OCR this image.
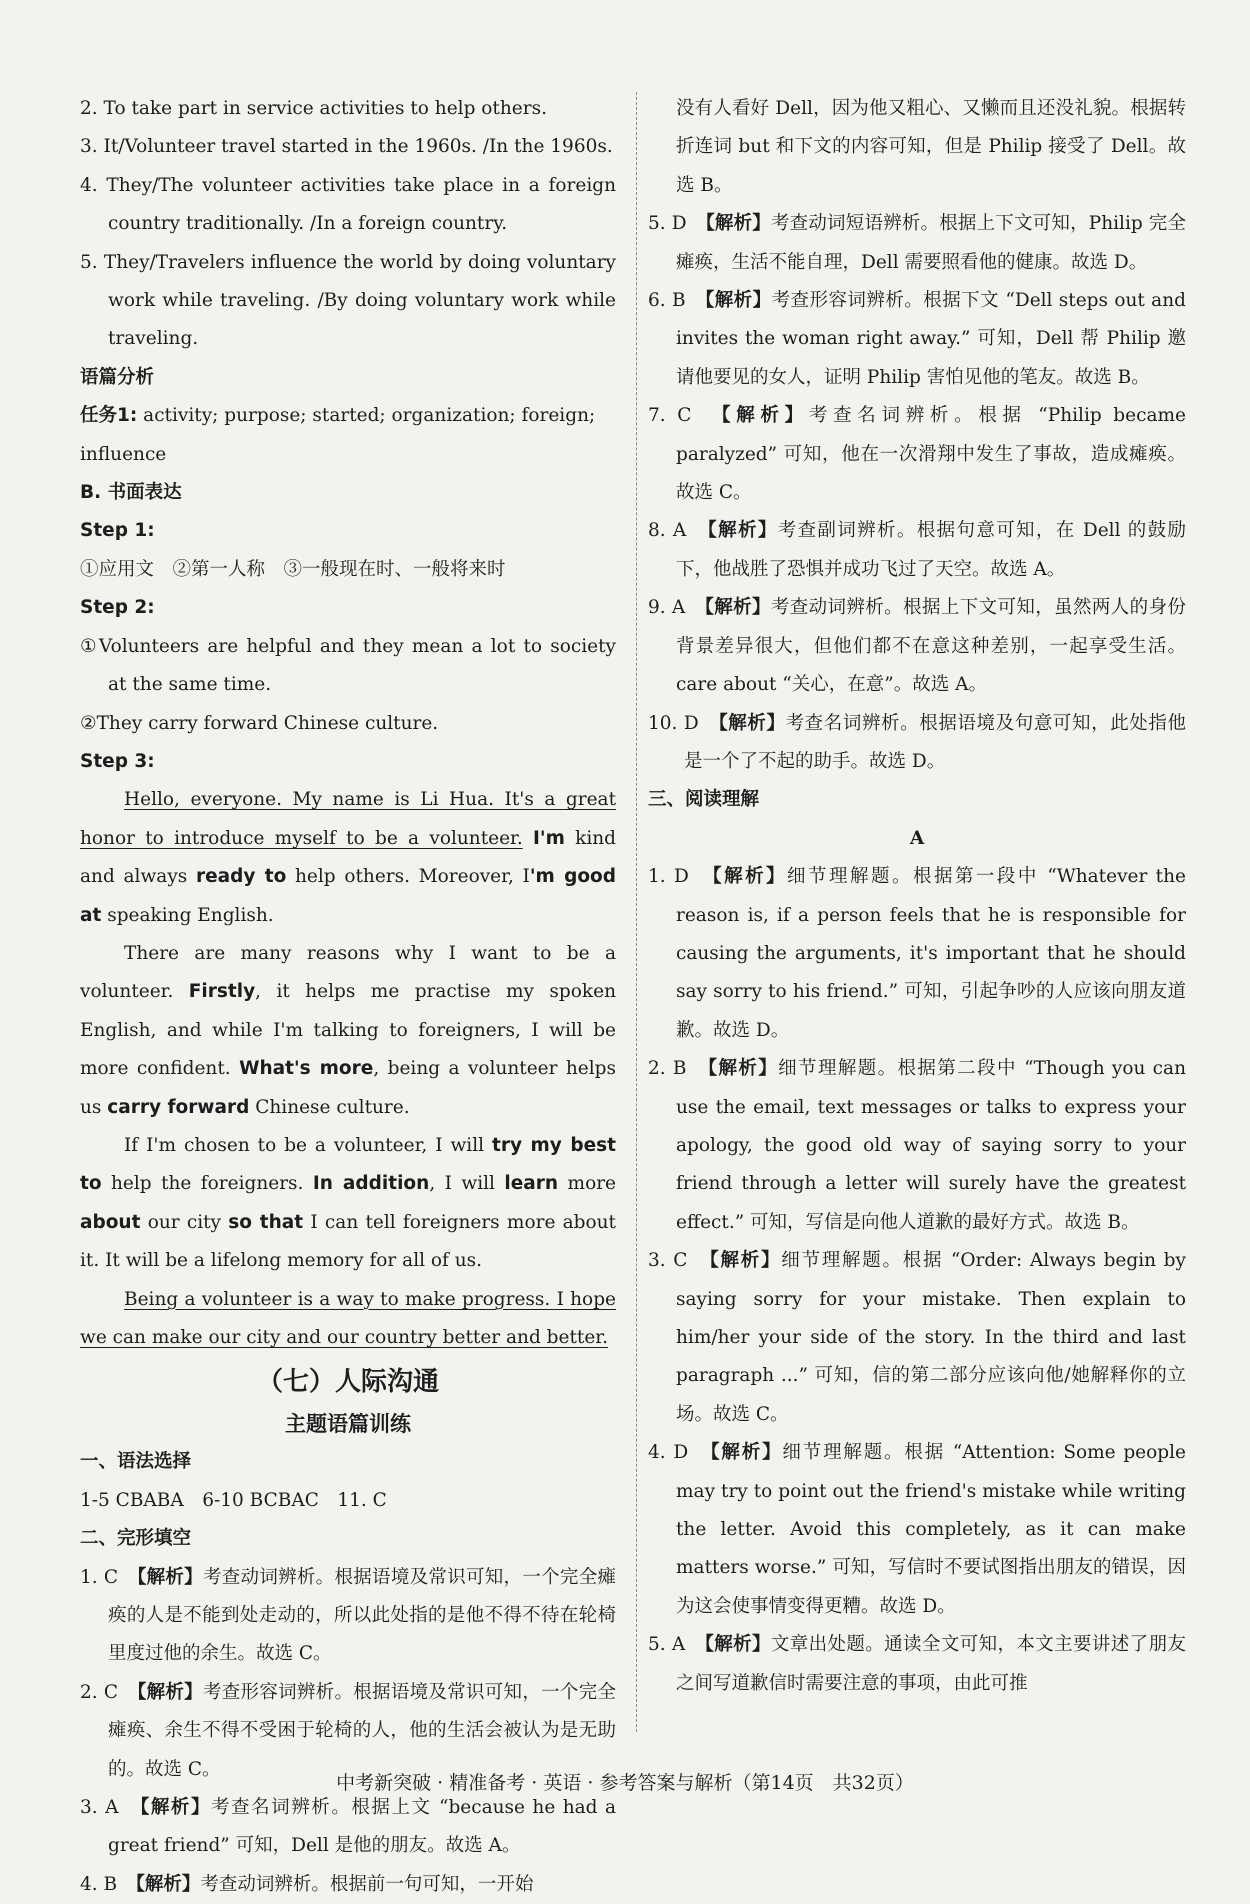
2. To take part in service activities to help others.

3. It/Volunteer travel started in the 1960s. /In the 1960s.

4. They/The volunteer activities take place in a foreign country traditionally. /In a foreign country.

5. They/Travelers influence the world by doing voluntary work while traveling. /By doing voluntary work while traveling.

语篇分析

任务1: activity; purpose; started; organization; foreign; influence

B. 书面表达

Step 1:

①应用文　②第一人称　③一般现在时、一般将来时

Step 2:

①Volunteers are helpful and they mean a lot to society at the same time.

②They carry forward Chinese culture.

Step 3:

Hello, everyone. My name is Li Hua. It's a great honor to introduce myself to be a volunteer. I'm kind and always ready to help others. Moreover, I'm good at speaking English.

There are many reasons why I want to be a volunteer. Firstly, it helps me practise my spoken English, and while I'm talking to foreigners, I will be more confident. What's more, being a volunteer helps us carry forward Chinese culture.

If I'm chosen to be a volunteer, I will try my best to help the foreigners. In addition, I will learn more about our city so that I can tell foreigners more about it. It will be a lifelong memory for all of us.

Being a volunteer is a way to make progress. I hope we can make our city and our country better and better.

（七）人际沟通

主题语篇训练

一、语法选择

1-5 CBABA　6-10 BCBAC　11. C

二、完形填空

1. C　 【解析】考查动词辨析。根据语境及常识可知，一个完全瘫痪的人是不能到处走动的，所以此处指的是他不得不待在轮椅里度过他的余生。故选 C。

2. C　 【解析】考查形容词辨析。根据语境及常识可知，一个完全瘫痪、余生不得不受困于轮椅的人，他的生活会被认为是无助的。故选 C。

3. A　 【解析】考查名词辨析。根据上文 “because he had a great friend” 可知，Dell 是他的朋友。故选 A。

4. B　 【解析】考查动词辨析。根据前一句可知，一开始

没有人看好 Dell，因为他又粗心、又懒而且还没礼貌。根据转折连词 but 和下文的内容可知，但是 Philip 接受了 Dell。故选 B。

5. D　 【解析】考查动词短语辨析。根据上下文可知，Philip 完全瘫痪，生活不能自理，Dell 需要照看他的健康。故选 D。

6. B　 【解析】考查形容词辨析。根据下文 “Dell steps out and invites the woman right away.” 可知，Dell 帮 Philip 邀请他要见的女人，证明 Philip 害怕见他的笔友。故选 B。

7. C　 【解析】考查名词辨析。根据 “Philip became paralyzed” 可知，他在一次滑翔中发生了事故，造成瘫痪。故选 C。

8. A　 【解析】考查副词辨析。根据句意可知，在 Dell 的鼓励下，他战胜了恐惧并成功飞过了天空。故选 A。

9. A　 【解析】考查动词辨析。根据上下文可知，虽然两人的身份背景差异很大，但他们都不在意这种差别，一起享受生活。care about “关心，在意”。故选 A。

10. D　 【解析】考查名词辨析。根据语境及句意可知，此处指他是一个了不起的助手。故选 D。

三、阅读理解

A

1. D　 【解析】细节理解题。根据第一段中 “Whatever the reason is, if a person feels that he is responsible for causing the arguments, it's important that he should say sorry to his friend.” 可知，引起争吵的人应该向朋友道歉。故选 D。

2. B　 【解析】细节理解题。根据第二段中 “Though you can use the email, text messages or talks to express your apology, the good old way of saying sorry to your friend through a letter will surely have the greatest effect.” 可知，写信是向他人道歉的最好方式。故选 B。

3. C　 【解析】细节理解题。根据 “Order: Always begin by saying sorry for your mistake. Then explain to him/her your side of the story. In the third and last paragraph ...” 可知，信的第二部分应该向他/她解释你的立场。故选 C。

4. D　 【解析】细节理解题。根据 “Attention: Some people may try to point out the friend's mistake while writing the letter. Avoid this completely, as it can make matters worse.” 可知，写信时不要试图指出朋友的错误，因为这会使事情变得更糟。故选 D。

5. A　 【解析】文章出处题。通读全文可知，本文主要讲述了朋友之间写道歉信时需要注意的事项，由此可推

中考新突破 · 精准备考 · 英语 · 参考答案与解析（第14页　共32页）
